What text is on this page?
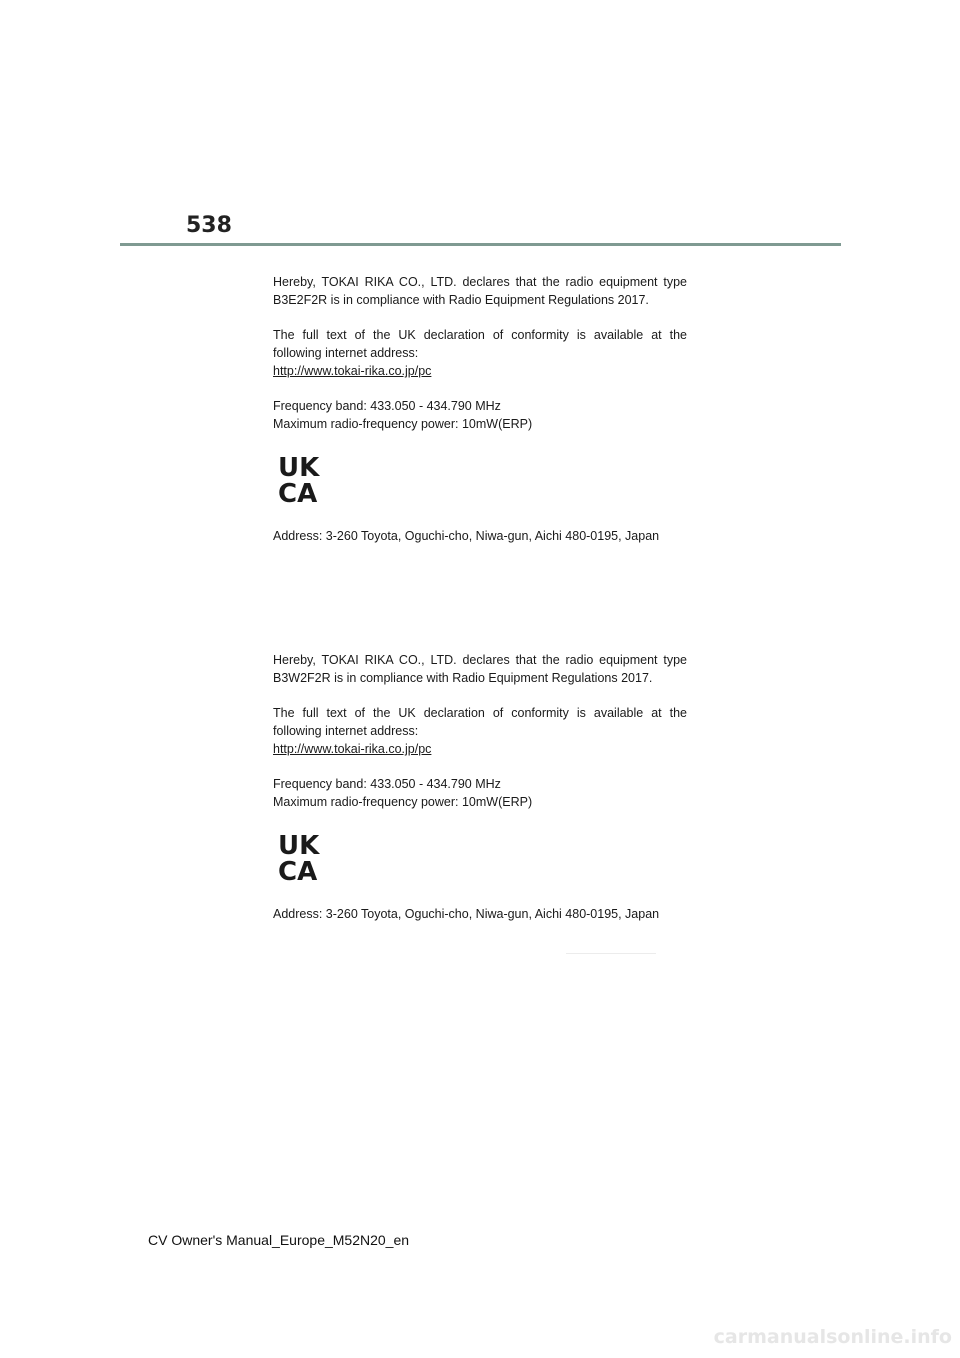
538

Hereby, TOKAI RIKA CO., LTD. declares that the radio equipment type

B3E2F2R is in compliance with Radio Equipment Regulations 2017.

The full text of the UK declaration of conformity is available at the

following internet address:

http://www.tokai-rika.co.jp/pc

Frequency band: 433.050 - 434.790 MHz

Maximum radio-frequency power: 10mW(ERP)

UK
CA

Address: 3-260 Toyota, Oguchi-cho, Niwa-gun, Aichi 480-0195, Japan

Hereby, TOKAI RIKA CO., LTD. declares that the radio equipment type

B3W2F2R is in compliance with Radio Equipment Regulations 2017.

The full text of the UK declaration of conformity is available at the

following internet address:

http://www.tokai-rika.co.jp/pc

Frequency band: 433.050 - 434.790 MHz

Maximum radio-frequency power: 10mW(ERP)

UK
CA

Address: 3-260 Toyota, Oguchi-cho, Niwa-gun, Aichi 480-0195, Japan

CV Owner's Manual_Europe_M52N20_en
carmanualsonline.info
